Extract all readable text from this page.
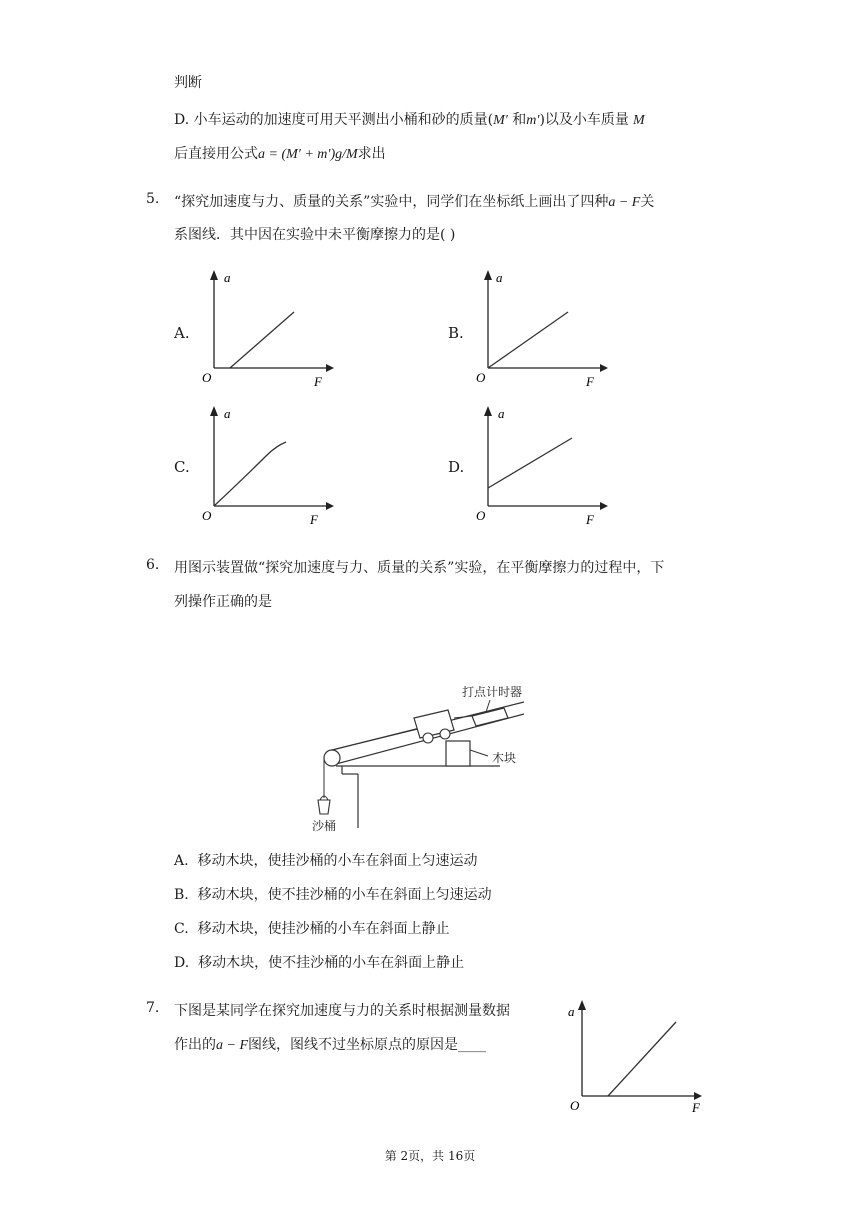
判断
D. 小车运动的加速度可用天平测出小桶和砂的质量(M′ 和m′)以及小车质量 M
后直接用公式a = (M′ + m′)g/M求出
5. “探究加速度与力、质量的关系”实验中，同学们在坐标纸上画出了四种a − F关
系图线．其中因在实验中未平衡摩擦力的是( )
A.
a
O	F
B.
a
O	F
C.
a
O	F
D.
a
O	F
6. 用图示装置做“探究加速度与力、质量的关系”实验，在平衡摩擦力的过程中，下
列操作正确的是
打点计时器
木块
沙桶
A. 移动木块，使挂沙桶的小车在斜面上匀速运动
B. 移动木块，使不挂沙桶的小车在斜面上匀速运动
C. 移动木块，使挂沙桶的小车在斜面上静止
D. 移动木块，使不挂沙桶的小车在斜面上静止
7. 下图是某同学在探究加速度与力的关系时根据测量数据
作出的a − F图线，图线不过坐标原点的原因是____
a
O	F
第 2页，共 16页
